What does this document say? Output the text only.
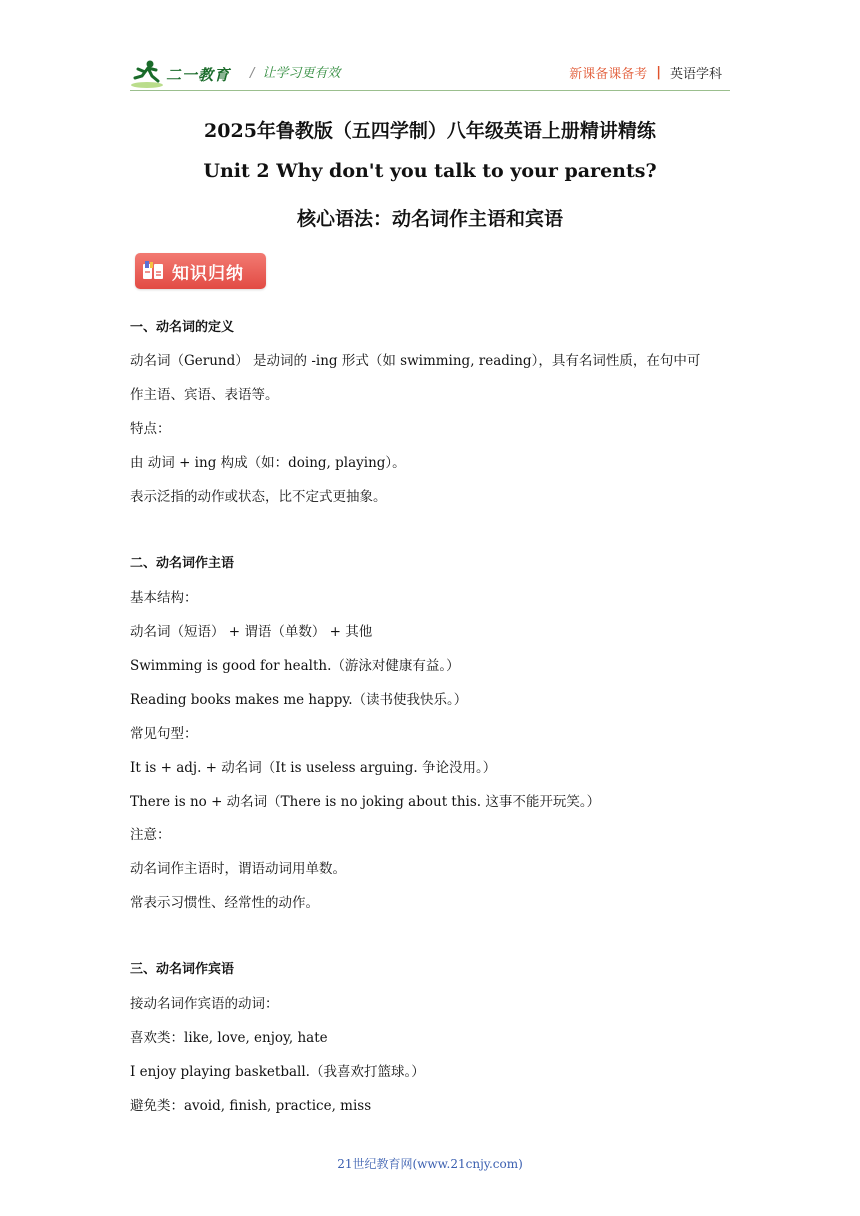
二一教育 / 让学习更有效	新课备课备考 | 英语学科
2025年鲁教版（五四学制）八年级英语上册精讲精练
Unit 2 Why don't you talk to your parents?
核心语法：动名词作主语和宾语
知识归纳
一、动名词的定义
动名词（Gerund） 是动词的 -ing 形式（如 swimming, reading），具有名词性质，在句中可
作主语、宾语、表语等。
特点：
由 动词 + ing 构成（如：doing, playing）。
表示泛指的动作或状态，比不定式更抽象。
二、动名词作主语
基本结构：
动名词（短语） + 谓语（单数） + 其他
Swimming is good for health.（游泳对健康有益。）
Reading books makes me happy.（读书使我快乐。）
常见句型：
It is + adj. + 动名词（It is useless arguing. 争论没用。）
There is no + 动名词（There is no joking about this. 这事不能开玩笑。）
注意：
动名词作主语时，谓语动词用单数。
常表示习惯性、经常性的动作。
三、动名词作宾语
接动名词作宾语的动词：
喜欢类：like, love, enjoy, hate
I enjoy playing basketball.（我喜欢打篮球。）
避免类：avoid, finish, practice, miss
21世纪教育网(www.21cnjy.com)
